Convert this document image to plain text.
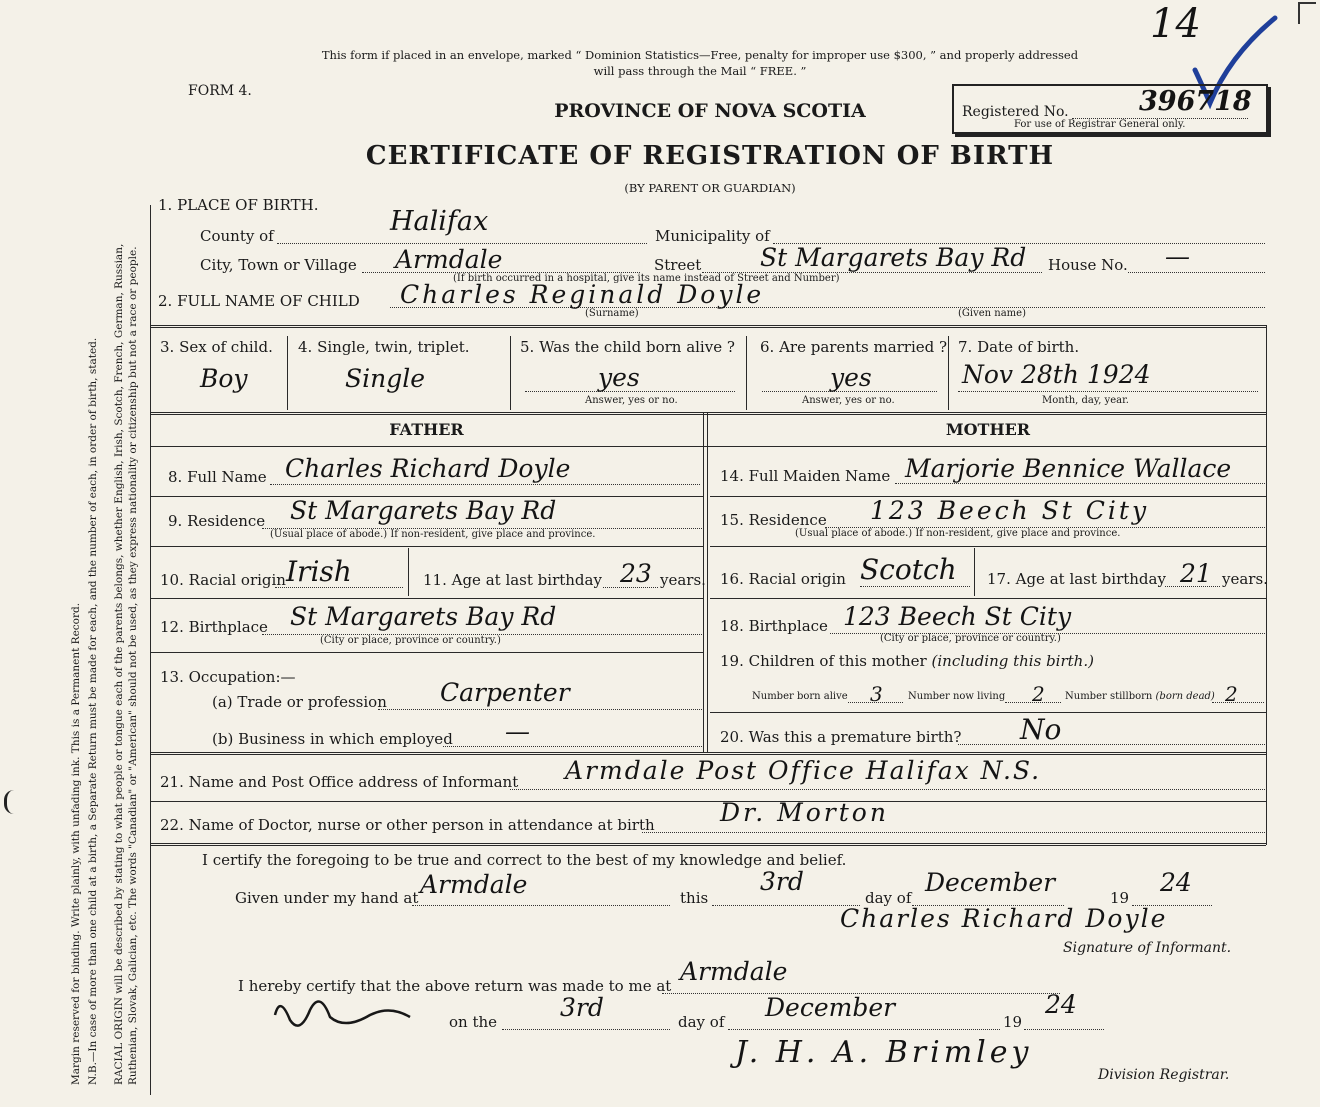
Margin reserved for binding. Write plainly, with unfading ink. This is a Permanent Record. N.B.—In case of more than one child at a birth, a Separate Return must be made for each, and the number of each, in order of birth, stated. RACIAL ORIGIN will be described by stating to what people or tongue each of the parents belongs, whether English, Irish, Scotch, French, German, Russian, Ruthenian, Slovak, Galician, etc. The words "Canadian" or "American" should not be used, as they express nationality or citizenship but not a race or people.
14
This form if placed in an envelope, marked “ Dominion Statistics—Free, penalty for improper use $300, ” and properly addressed
will pass through the Mail “ FREE. ”
FORM 4.
PROVINCE OF NOVA SCOTIA
CERTIFICATE OF REGISTRATION OF BIRTH
(BY PARENT OR GUARDIAN)
Registered No.	396718
For use of Registrar General only.
1. PLACE OF BIRTH.
County of	Halifax	Municipality of
City, Town or Village Armdale	Street St Margarets Bay Rd House No. —
(If birth occurred in a hospital, give its name instead of Street and Number)
2. FULL NAME OF CHILD Charles Reginald Doyle
(Surname)	(Given name)
3. Sex of child.
Boy
4. Single, twin, triplet.
Single
5. Was the child born alive ?
yes
Answer, yes or no.
6. Are parents married ?
yes
Answer, yes or no.
7. Date of birth.
Nov 28th 1924
Month, day, year.
FATHER	MOTHER
8. Full Name Charles Richard Doyle
9. Residence St Margarets Bay Rd
(Usual place of abode.) If non-resident, give place and province.
10. Racial origin Irish	11. Age at last birthday 23 years.
12. Birthplace St Margarets Bay Rd
(City or place, province or country.)
13. Occupation:—
(a) Trade or profession Carpenter
(b) Business in which employed —
14. Full Maiden Name Marjorie Bennice Wallace
15. Residence 123 Beech St City
(Usual place of abode.) If non-resident, give place and province.
16. Racial origin Scotch 17. Age at last birthday 21 years.
18. Birthplace 123 Beech St City
(City or place, province or country.)
19. Children of this mother (including this birth.)
Number born alive 3	Number now living 2 Number stillborn (born dead) 2
20. Was this a premature birth? No
21. Name and Post Office address of Informant Armdale Post Office Halifax N.S.
22. Name of Doctor, nurse or other person in attendance at birth	Dr. Morton
I certify the foregoing to be true and correct to the best of my knowledge and belief.
Given under my hand at Armdale	this
3rd
day of
December
19
24
Charles Richard Doyle
Signature of Informant.
I hereby certify that the above return was made to me at Armdale
on the	3rd	day of December	19
24
J. H. A. Brimley
Division Registrar.
